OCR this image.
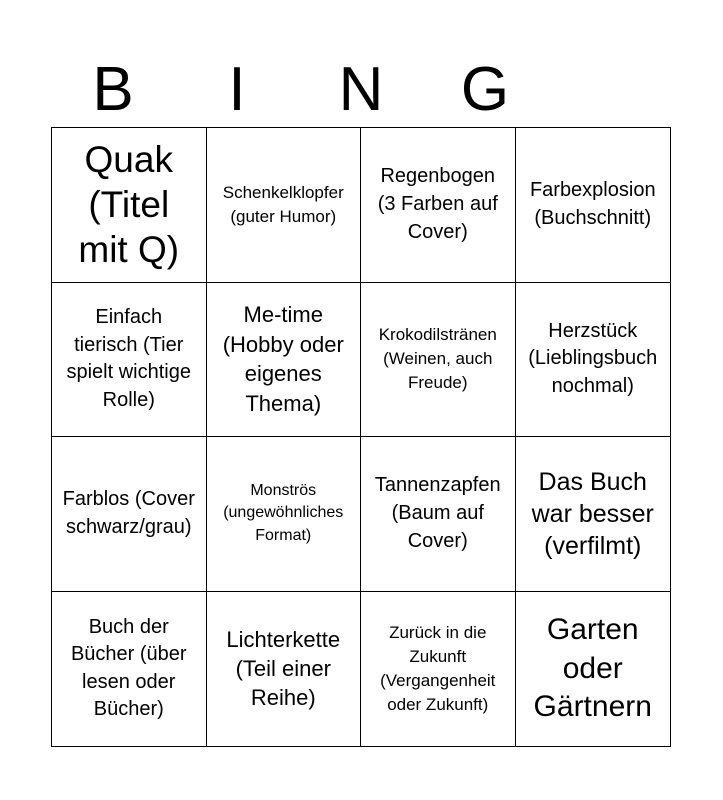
B	I	N	G
Quak (Titel mit Q)
Schenkelklopfer (guter Humor)
Regenbogen (3 Farben auf Cover)
Farbexplosion (Buchschnitt)
Einfach tierisch (Tier spielt wichtige Rolle)
Me-time (Hobby oder eigenes Thema)
Krokodilstränen (Weinen, auch Freude)
Herzstück (Lieblingsbuch nochmal)
Farblos (Cover schwarz/grau)
Monströs (ungewöhnliches Format)
Tannenzapfen (Baum auf Cover)
Das Buch war besser (verfilmt)
Buch der Bücher (über lesen oder Bücher)
Lichterkette (Teil einer Reihe)
Zurück in die Zukunft (Vergangenheit oder Zukunft)
Garten oder Gärtnern
